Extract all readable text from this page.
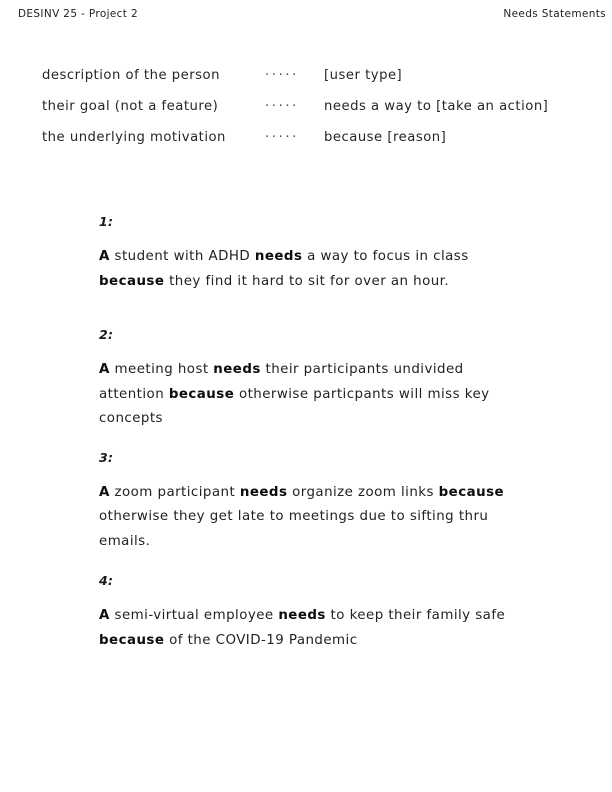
DESINV 25 - Project 2	Needs Statements
description of the person	·····	[user type]
their goal (not a feature)	·····	needs a way to [take an action]
the underlying motivation	·····	because [reason]
1:
A student with ADHD needs a way to focus in class because they find it hard to sit for over an hour.
2:
A meeting host needs their participants undivided attention because otherwise particpants will miss key concepts
3:
A zoom participant needs organize zoom links because otherwise they get late to meetings due to sifting thru emails.
4:
A semi-virtual employee needs to keep their family safe because of the COVID-19 Pandemic
